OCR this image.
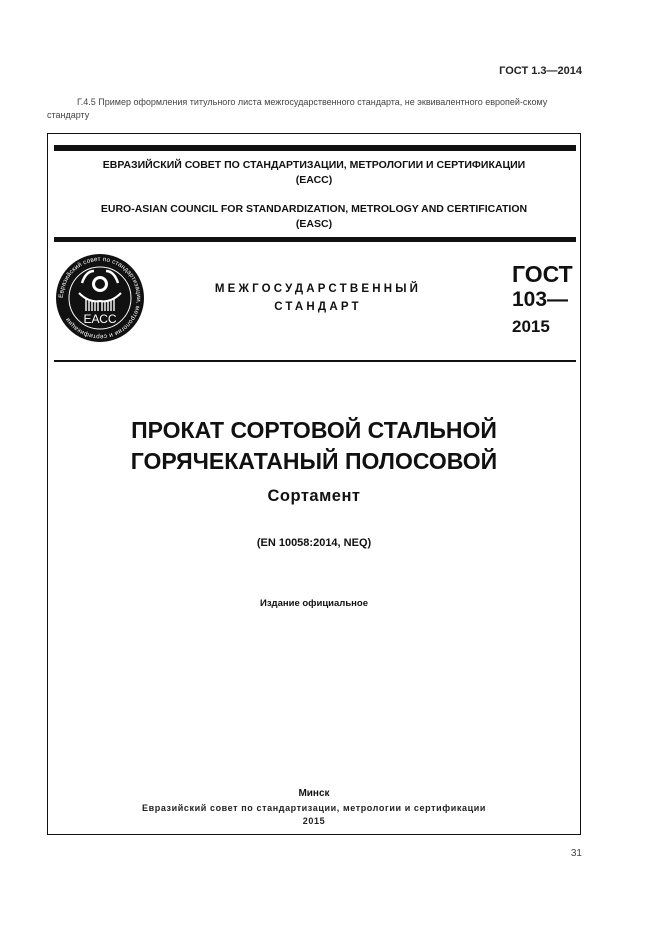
ГОСТ 1.3—2014
Г.4.5 Пример оформления титульного листа межгосударственного стандарта, не эквивалентного европей-скому стандарту
ЕВРАЗИЙСКИЙ СОВЕТ ПО СТАНДАРТИЗАЦИИ, МЕТРОЛОГИИ И СЕРТИФИКАЦИИ
(ЕАСС)
EURO-ASIAN COUNCIL FOR STANDARDIZATION, METROLOGY AND CERTIFICATION
(EASC)
Евразийский совет по стандартизации, метрологии и сертификации ЕАСС
МЕЖГОСУДАРСТВЕННЫЙ
СТАНДАРТ
ГОСТ
103—
2015
ПРОКАТ СОРТОВОЙ СТАЛЬНОЙ
ГОРЯЧЕКАТАНЫЙ ПОЛОСОВОЙ
Сортамент
(EN 10058:2014, NEQ)
Издание официальное
Минск
Евразийский совет по стандартизации, метрологии и сертификации
2015
31
